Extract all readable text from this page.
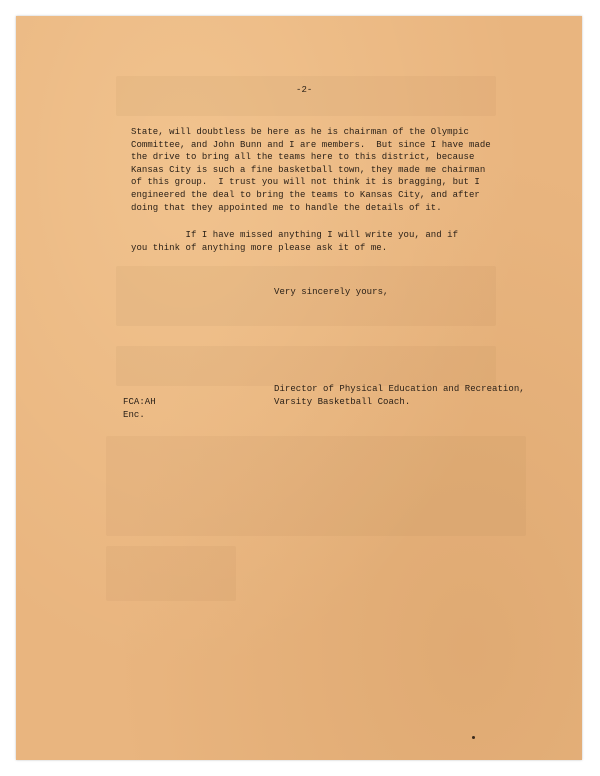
-2-
State, will doubtless be here as he is chairman of the Olympic
Committee, and John Bunn and I are members.  But since I have made
the drive to bring all the teams here to this district, because
Kansas City is such a fine basketball town, they made me chairman
of this group.  I trust you will not think it is bragging, but I
engineered the deal to bring the teams to Kansas City, and after
doing that they appointed me to handle the details of it.
If I have missed anything I will write you, and if
you think of anything more please ask it of me.
Very sincerely yours,
Director of Physical Education and Recreation,
Varsity Basketball Coach.
FCA:AH
Enc.
